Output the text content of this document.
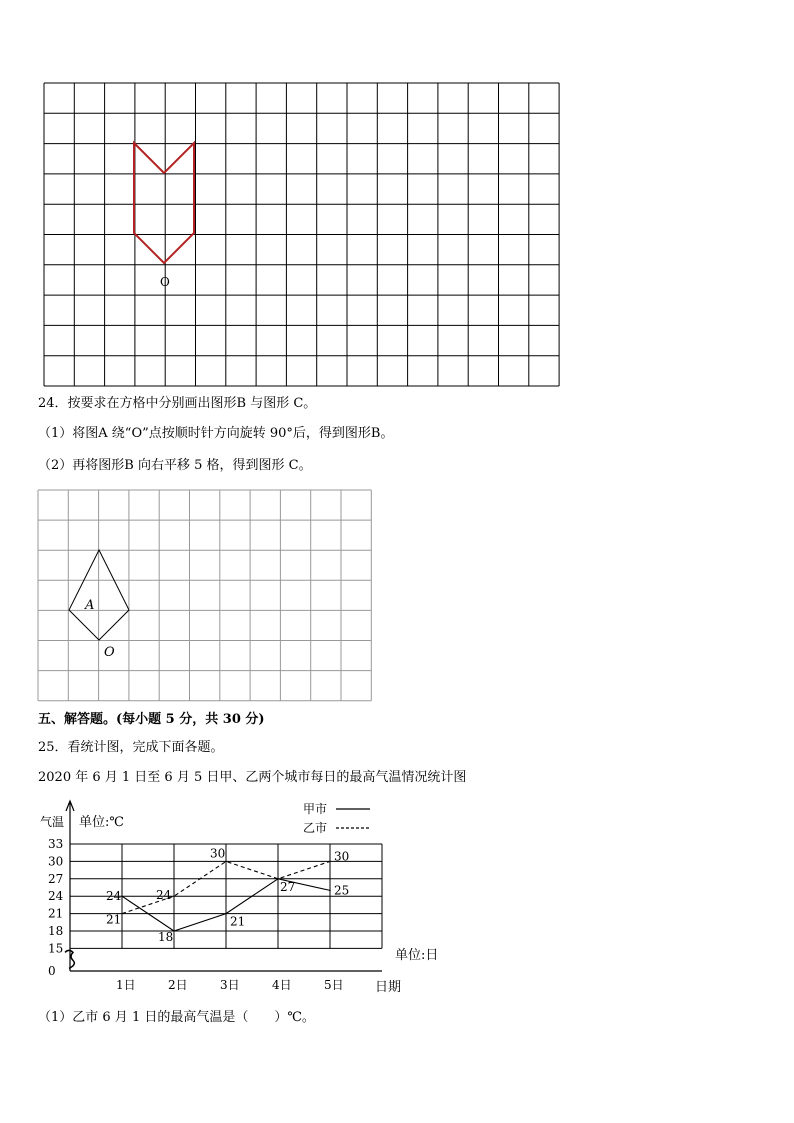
O
24．按要求在方格中分别画出图形B 与图形 C。
（1）将图A 绕“O”点按顺时针方向旋转 90°后，得到图形B。
（2）再将图形B 向右平移 5 格，得到图形 C。
A
O
五、解答题。(每小题 5 分，共 30 分)
25．看统计图，完成下面各题。
2020 年 6 月 1 日至 6 月 5 日甲、乙两个城市每日的最高气温情况统计图
0
15
18
21
24
27
30
33
1日	2日	3日	4日	5日
24
21
24
18
30
21
27
30
25
气温 单位:℃
单位:日
日期
甲市
乙市
（1）乙市 6 月 1 日的最高气温是（　　）℃。
